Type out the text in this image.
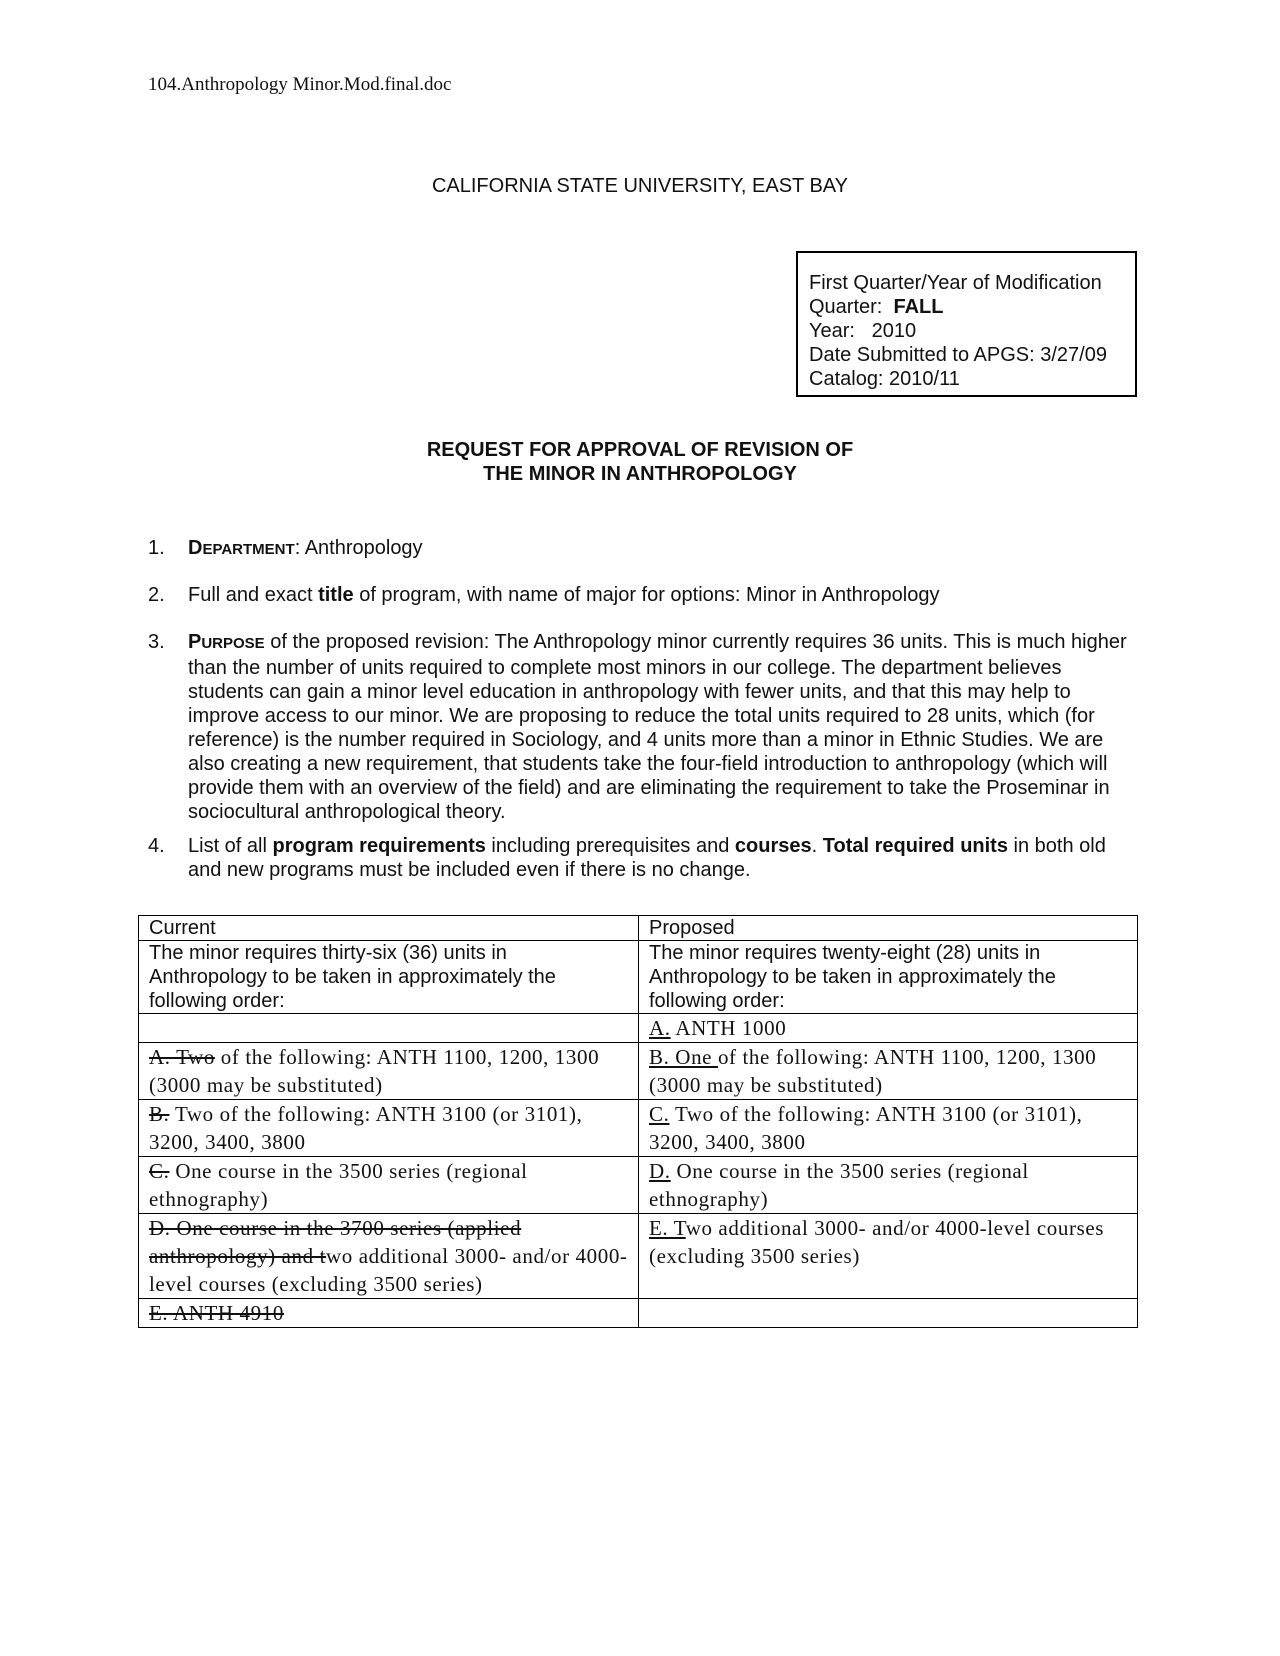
104.Anthropology Minor.Mod.final.doc
CALIFORNIA STATE UNIVERSITY, EAST BAY
First Quarter/Year of Modification
Quarter: FALL
Year: 2010
Date Submitted to APGS: 3/27/09
Catalog: 2010/11
REQUEST FOR APPROVAL OF REVISION OF
THE MINOR IN ANTHROPOLOGY
1. DEPARTMENT: Anthropology
2. Full and exact title of program, with name of major for options: Minor in Anthropology
3. PURPOSE of the proposed revision: The Anthropology minor currently requires 36 units. This is much higher than the number of units required to complete most minors in our college. The department believes students can gain a minor level education in anthropology with fewer units, and that this may help to improve access to our minor. We are proposing to reduce the total units required to 28 units, which (for reference) is the number required in Sociology, and 4 units more than a minor in Ethnic Studies. We are also creating a new requirement, that students take the four-field introduction to anthropology (which will provide them with an overview of the field) and are eliminating the requirement to take the Proseminar in sociocultural anthropological theory.
4. List of all program requirements including prerequisites and courses. Total required units in both old and new programs must be included even if there is no change.
Current	Proposed
The minor requires thirty-six (36) units in Anthropology to be taken in approximately the following order:	The minor requires twenty-eight (28) units in Anthropology to be taken in approximately the following order:
	A. ANTH 1000
A. Two of the following: ANTH 1100, 1200, 1300 (3000 may be substituted)	B. One of the following: ANTH 1100, 1200, 1300 (3000 may be substituted)
B. Two of the following: ANTH 3100 (or 3101), 3200, 3400, 3800	C. Two of the following: ANTH 3100 (or 3101), 3200, 3400, 3800
C. One course in the 3500 series (regional ethnography)	D. One course in the 3500 series (regional ethnography)
D. One course in the 3700 series (applied anthropology) and two additional 3000- and/or 4000-level courses (excluding 3500 series)	E. Two additional 3000- and/or 4000-level courses (excluding 3500 series)
E. ANTH 4910	
